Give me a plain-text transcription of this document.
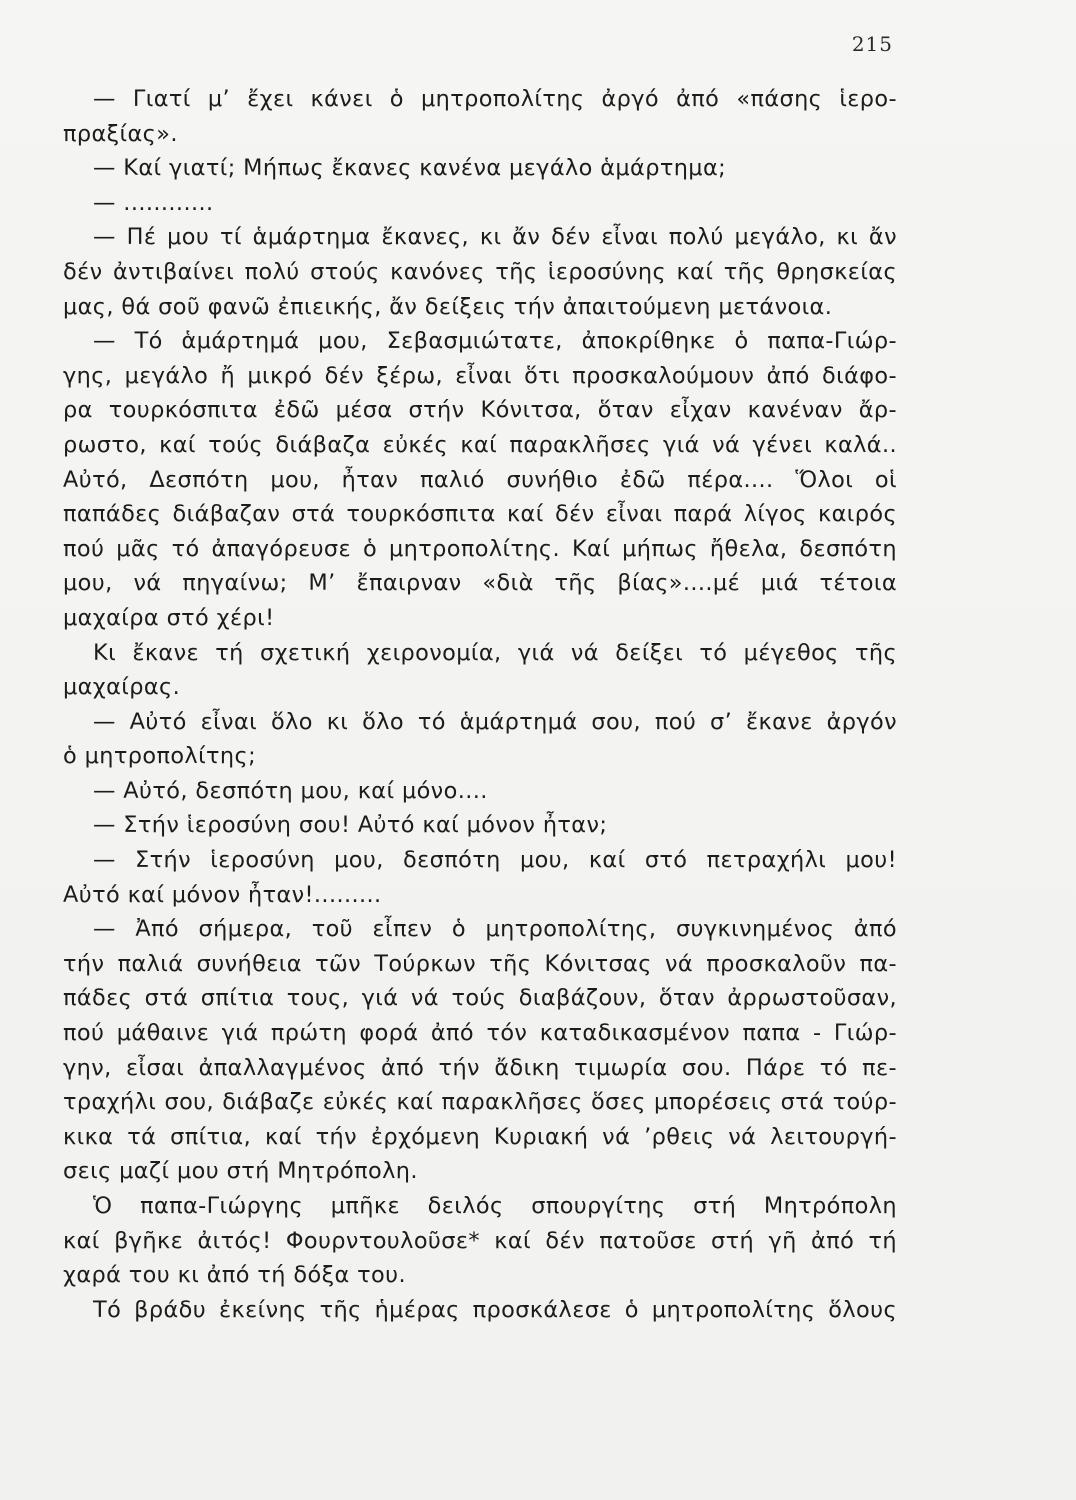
215
— Γιατί μ’ ἔχει κάνει ὁ μητροπολίτης ἀργό ἀπό «πάσης ἱερο-
πραξίας».
— Καί γιατί; Μήπως ἔκανες κανένα μεγάλο ἁμάρτημα;
— ............
— Πέ μου τί ἁμάρτημα ἔκανες, κι ἄν δέν εἶναι πολύ μεγάλο, κι ἄν
δέν ἀντιβαίνει πολύ στούς κανόνες τῆς ἱεροσύνης καί τῆς θρησκείας
μας, θά σοῦ φανῶ ἐπιεικής, ἄν δείξεις τήν ἀπαιτούμενη μετάνοια.
— Τό ἁμάρτημά μου, Σεβασμιώτατε, ἀποκρίθηκε ὁ παπα-Γιώρ-
γης, μεγάλο ἤ μικρό δέν ξέρω, εἶναι ὅτι προσκαλούμουν ἀπό διάφο-
ρα τουρκόσπιτα ἐδῶ μέσα στήν Κόνιτσα, ὅταν εἶχαν κανέναν ἄρ-
ρωστο, καί τούς διάβαζα εὐκές καί παρακλῆσες γιά νά γένει καλά..
Αὐτό, Δεσπότη μου, ἦταν παλιό συνήθιο ἐδῶ πέρα.... Ὅλοι οἱ
παπάδες διάβαζαν στά τουρκόσπιτα καί δέν εἶναι παρά λίγος καιρός
πού μᾶς τό ἀπαγόρευσε ὁ μητροπολίτης. Καί μήπως ἤθελα, δεσπότη
μου, νά πηγαίνω; Μ’ ἔπαιρναν «διὰ τῆς βίας»....μέ μιά τέτοια
μαχαίρα στό χέρι!
Κι ἔκανε τή σχετική χειρονομία, γιά νά δείξει τό μέγεθος τῆς
μαχαίρας.
— Αὐτό εἶναι ὅλο κι ὅλο τό ἁμάρτημά σου, πού σ’ ἔκανε ἀργόν
ὁ μητροπολίτης;
— Αὐτό, δεσπότη μου, καί μόνο....
— Στήν ἱεροσύνη σου! Αὐτό καί μόνον ἦταν;
— Στήν ἱεροσύνη μου, δεσπότη μου, καί στό πετραχήλι μου!
Αὐτό καί μόνον ἦταν!.........
— Ἀπό σήμερα, τοῦ εἶπεν ὁ μητροπολίτης, συγκινημένος ἀπό
τήν παλιά συνήθεια τῶν Τούρκων τῆς Κόνιτσας νά προσκαλοῦν πα-
πάδες στά σπίτια τους, γιά νά τούς διαβάζουν, ὅταν ἀρρωστοῦσαν,
πού μάθαινε γιά πρώτη φορά ἀπό τόν καταδικασμένον παπα - Γιώρ-
γην, εἶσαι ἀπαλλαγμένος ἀπό τήν ἄδικη τιμωρία σου. Πάρε τό πε-
τραχήλι σου, διάβαζε εὐκές καί παρακλῆσες ὅσες μπορέσεις στά τούρ-
κικα τά σπίτια, καί τήν ἐρχόμενη Κυριακή νά ’ρθεις νά λειτουργή-
σεις μαζί μου στή Μητρόπολη.
Ὁ παπα-Γιώργης μπῆκε δειλός σπουργίτης στή Μητρόπολη
καί βγῆκε ἀιτός! Φουρντουλοῦσε* καί δέν πατοῦσε στή γῆ ἀπό τή
χαρά του κι ἀπό τή δόξα του.
Τό βράδυ ἐκείνης τῆς ἡμέρας προσκάλεσε ὁ μητροπολίτης ὅλους
